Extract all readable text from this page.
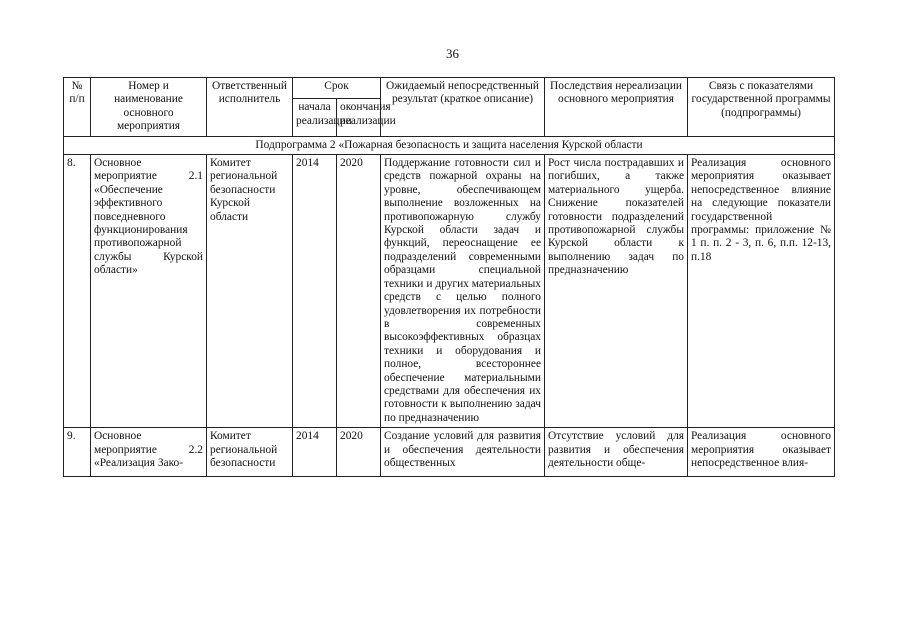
36
№ п/п	Номер и наименование основного мероприятия	Ответственный исполнитель	Срок		Ожидаемый непосредственный результат (краткое описание)	Последствия нереализации основного мероприятия	Связь с показателями государственной программы (подпрограммы)
			начала реализации	окончания реализации			
Подпрограмма 2 «Пожарная безопасность и защита населения Курской области							
8.	Основное мероприятие 2.1 «Обеспечение эффективного повседневного функционирования противопожарной службы Курской области»	Комитет региональной безопасности Курской области	2014	2020	Поддержание готовности сил и средств пожарной охраны на уровне, обеспечивающем выполнение возложенных на противопожарную службу Курской области задач и функций, переоснащение ее подразделений современными образцами специальной техники и других материальных средств с целью полного удовлетворения их потребности в современных высокоэффективных образцах техники и оборудования и полное, всестороннее обеспечение материальными средствами для обеспечения их готовности к выполнению задач по предназначению	Рост числа пострадавших и погибших, а также материального ущерба. Снижение показателей готовности подразделений противопожарной службы Курской области к выполнению задач по предназначению	Реализация основного мероприятия оказывает непосредственное влияние на следующие показатели государственной программы: приложение № 1 п. п. 2 - 3, п. 6, п.п. 12-13, п.18
9.	Основное мероприятие 2.2 «Реализация Зако-	Комитет региональной безопасности	2014	2020	Создание условий для развития и обеспечения деятельности общественных	Отсутствие условий для развития и обеспечения деятельности обще-	Реализация основного мероприятия оказывает непосредственное влия-
